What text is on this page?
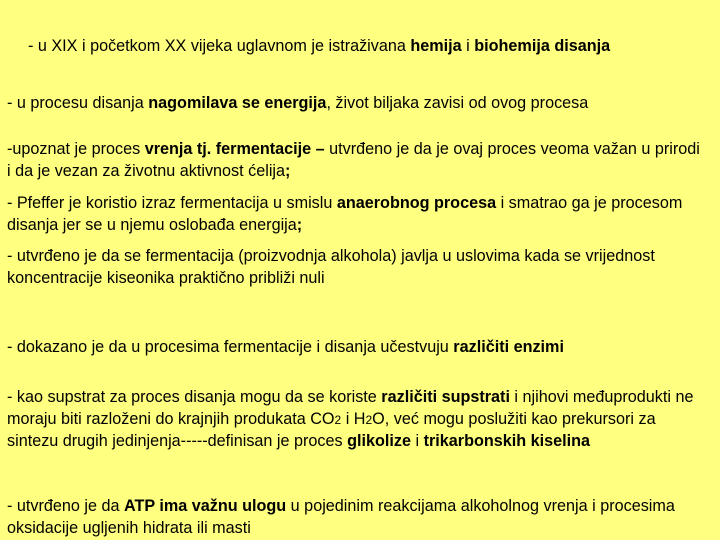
- u XIX i početkom XX vijeka uglavnom je istraživana hemija i biohemija disanja

- u procesu disanja nagomilava se energija, život biljaka zavisi od ovog procesa

-upoznat je proces vrenja tj. fermentacije – utvrđeno je da je ovaj proces veoma važan u prirodi i da je vezan za životnu aktivnost ćelija;

- Pfeffer je koristio izraz fermentacija u smislu anaerobnog procesa i smatrao ga je procesom disanja jer se u njemu oslobađa energija;

- utvrđeno je da se fermentacija (proizvodnja alkohola) javlja u uslovima kada se vrijednost koncentracije kiseonika praktično približi nuli

- dokazano je da u procesima fermentacije i disanja učestvuju različiti enzimi

- kao supstrat za proces disanja mogu da se koriste različiti supstrati i njihovi međuprodukti ne moraju biti razloženi do krajnjih produkata CO2 i H2O, već mogu poslužiti kao prekursori za sintezu drugih jedinjenja-----definisan je proces glikolize i trikarbonskih kiselina

- utvrđeno je da ATP ima važnu ulogu u pojedinim reakcijama alkoholnog vrenja i procesima oksidacije ugljenih hidrata ili masti
